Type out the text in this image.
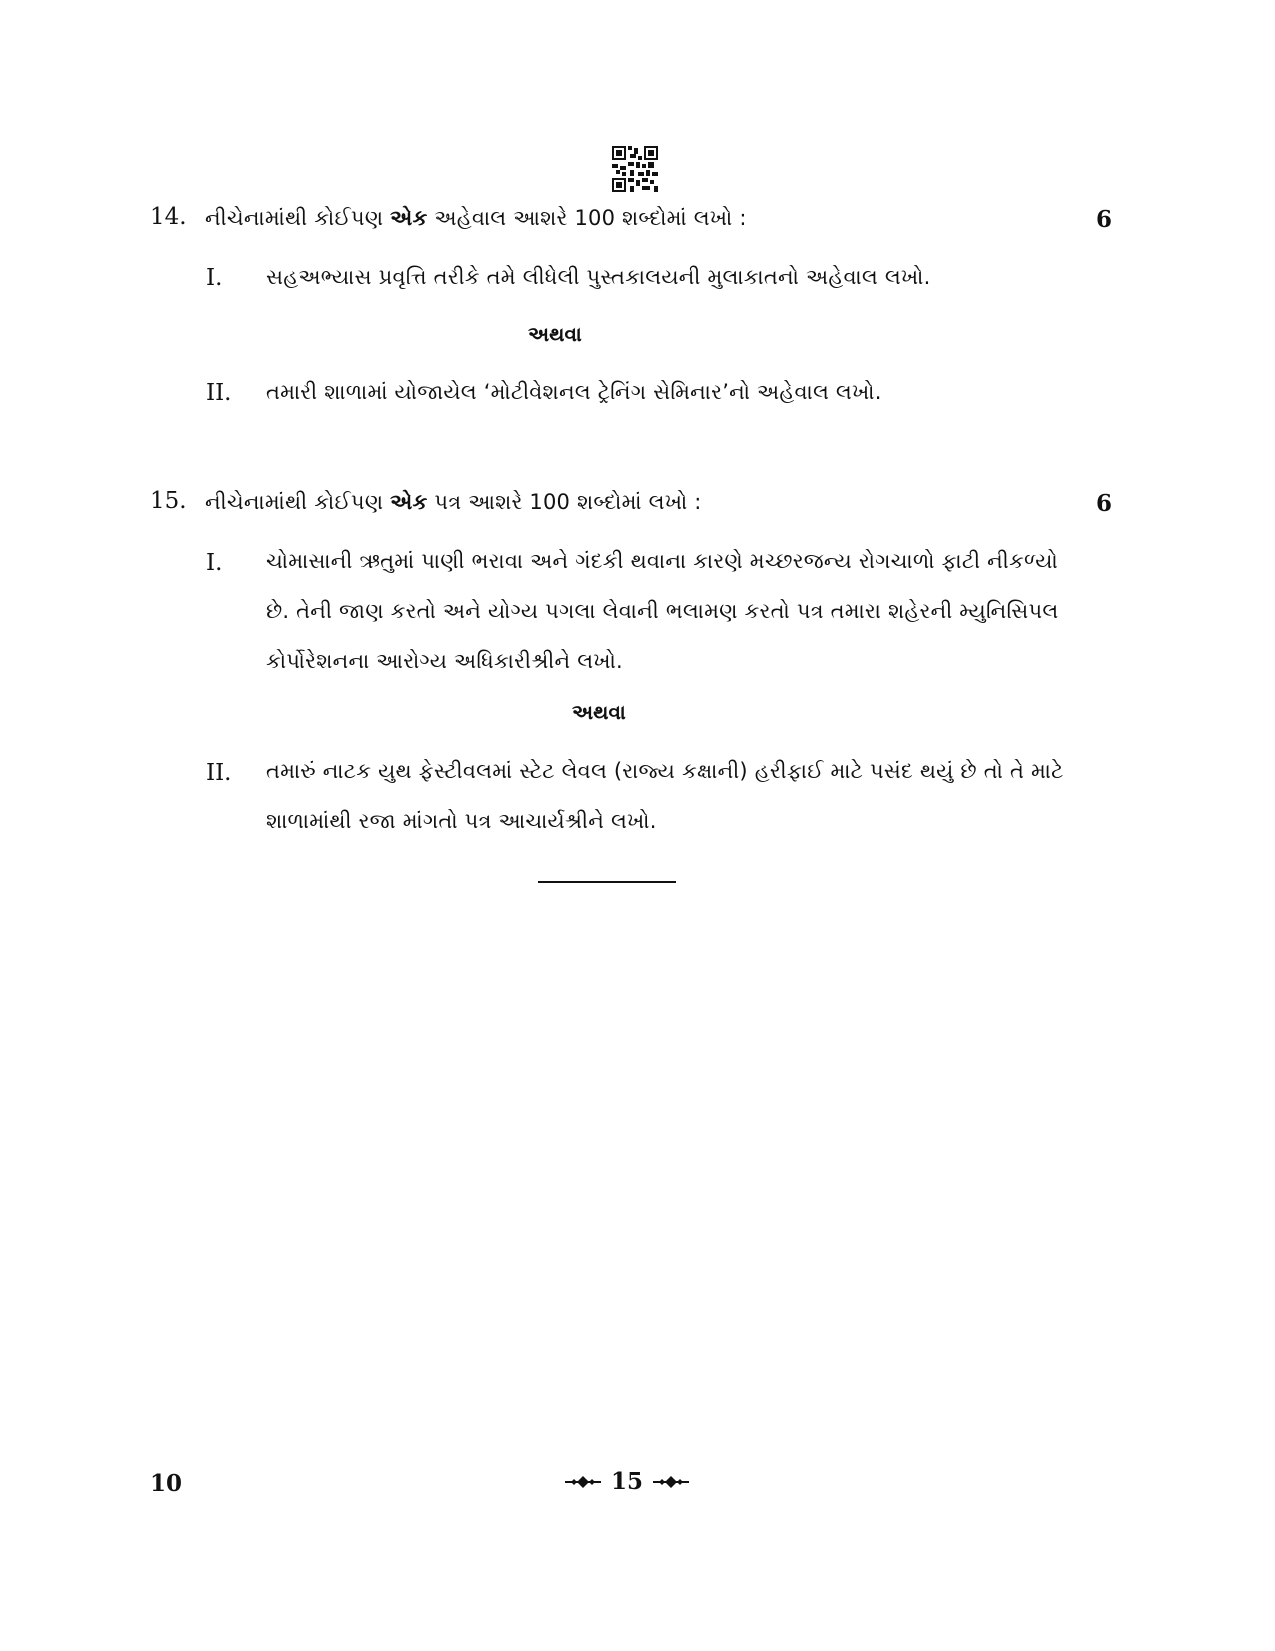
14. નીચેનામાંથી કોઈપણ એક અહેવાલ આશરે 100 શબ્દોમાં લખો :	6
I. સહઅભ્યાસ પ્રવૃત્તિ તરીકે તમે લીધેલી પુસ્તકાલયની મુલાકાતનો અહેવાલ લખો.
અથવા
II. તમારી શાળામાં યોજાયેલ ‘મોટીવેશનલ ટ્રેનિંગ સેમિનાર’નો અહેવાલ લખો.
15. નીચેનામાંથી કોઈપણ એક પત્ર આશરે 100 શબ્દોમાં લખો :	6
I. ચોમાસાની ઋતુમાં પાણી ભરાવા અને ગંદકી થવાના કારણે મચ્છરજન્ય રોગચાળો ફાટી નીકળ્યો
છે. તેની જાણ કરતો અને યોગ્ય પગલા લેવાની ભલામણ કરતો પત્ર તમારા શહેરની મ્યુનિસિપલ
કોર્પોરેશનના આરોગ્ય અધિકારીશ્રીને લખો.
અથવા
II. તમારું નાટક યુથ ફેસ્ટીવલમાં સ્ટેટ લેવલ (રાજ્ય કક્ષાની) હરીફાઈ માટે પસંદ થયું છે તો તે માટે
શાળામાંથી રજા માંગતો પત્ર આચાર્યશ્રીને લખો.
10	15
